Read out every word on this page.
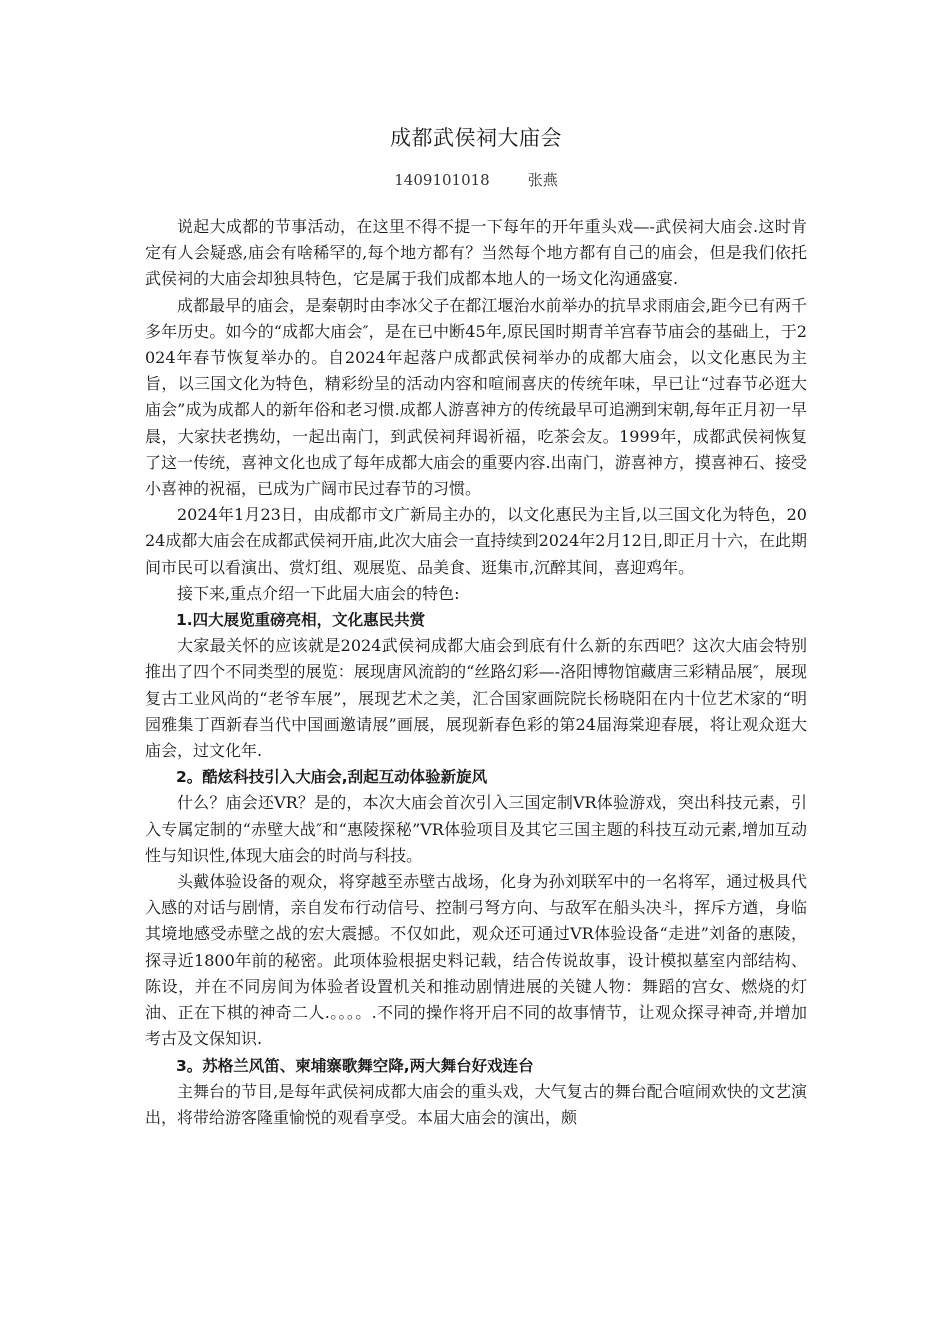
成都武侯祠大庙会
1409101018	张燕

说起大成都的节事活动，在这里不得不提一下每年的开年重头戏—-武侯祠大庙会.这时肯定有人会疑惑,庙会有啥稀罕的,每个地方都有？当然每个地方都有自己的庙会，但是我们依托武侯祠的大庙会却独具特色，它是属于我们成都本地人的一场文化沟通盛宴.

成都最早的庙会，是秦朝时由李冰父子在都江堰治水前举办的抗旱求雨庙会,距今已有两千多年历史。如今的“成都大庙会″，是在已中断45年,原民国时期青羊宫春节庙会的基础上，于2024年春节恢复举办的。自2024年起落户成都武侯祠举办的成都大庙会，以文化惠民为主旨，以三国文化为特色，精彩纷呈的活动内容和喧闹喜庆的传统年味，早已让“过春节必逛大庙会”成为成都人的新年俗和老习惯.成都人游喜神方的传统最早可追溯到宋朝,每年正月初一早晨，大家扶老携幼，一起出南门，到武侯祠拜谒祈福，吃茶会友。1999年，成都武侯祠恢复了这一传统，喜神文化也成了每年成都大庙会的重要内容.出南门，游喜神方，摸喜神石、接受小喜神的祝福，已成为广阔市民过春节的习惯。

2024年1月23日，由成都市文广新局主办的，以文化惠民为主旨,以三国文化为特色，2024成都大庙会在成都武侯祠开庙,此次大庙会一直持续到2024年2月12日,即正月十六，在此期间市民可以看演出、赏灯组、观展览、品美食、逛集市,沉醉其间，喜迎鸡年。

接下来,重点介绍一下此届大庙会的特色:

1.四大展览重磅亮相，文化惠民共赏

大家最关怀的应该就是2024武侯祠成都大庙会到底有什么新的东西吧？这次大庙会特别推出了四个不同类型的展览：展现唐风流韵的“丝路幻彩—-洛阳博物馆藏唐三彩精品展″，展现复古工业风尚的“老爷车展”，展现艺术之美，汇合国家画院院长杨晓阳在内十位艺术家的“明园雅集丁酉新春当代中国画邀请展”画展，展现新春色彩的第24届海棠迎春展，将让观众逛大庙会，过文化年.

2。酷炫科技引入大庙会,刮起互动体验新旋风

什么？庙会还VR？是的，本次大庙会首次引入三国定制VR体验游戏，突出科技元素，引入专属定制的“赤壁大战″和“惠陵探秘”VR体验项目及其它三国主题的科技互动元素,增加互动性与知识性,体现大庙会的时尚与科技。

头戴体验设备的观众，将穿越至赤壁古战场，化身为孙刘联军中的一名将军，通过极具代入感的对话与剧情，亲自发布行动信号、控制弓弩方向、与敌军在船头决斗，挥斥方遒，身临其境地感受赤壁之战的宏大震撼。不仅如此，观众还可通过VR体验设备“走进”刘备的惠陵，探寻近1800年前的秘密。此项体验根据史料记载，结合传说故事，设计模拟墓室内部结构、陈设，并在不同房间为体验者设置机关和推动剧情进展的关键人物：舞蹈的宫女、燃烧的灯油、正在下棋的神奇二人.。。。。.不同的操作将开启不同的故事情节，让观众探寻神奇,并增加考古及文保知识.

3。苏格兰风笛、柬埔寨歌舞空降,两大舞台好戏连台

主舞台的节目,是每年武侯祠成都大庙会的重头戏，大气复古的舞台配合喧闹欢快的文艺演出，将带给游客隆重愉悦的观看享受。本届大庙会的演出，颇
